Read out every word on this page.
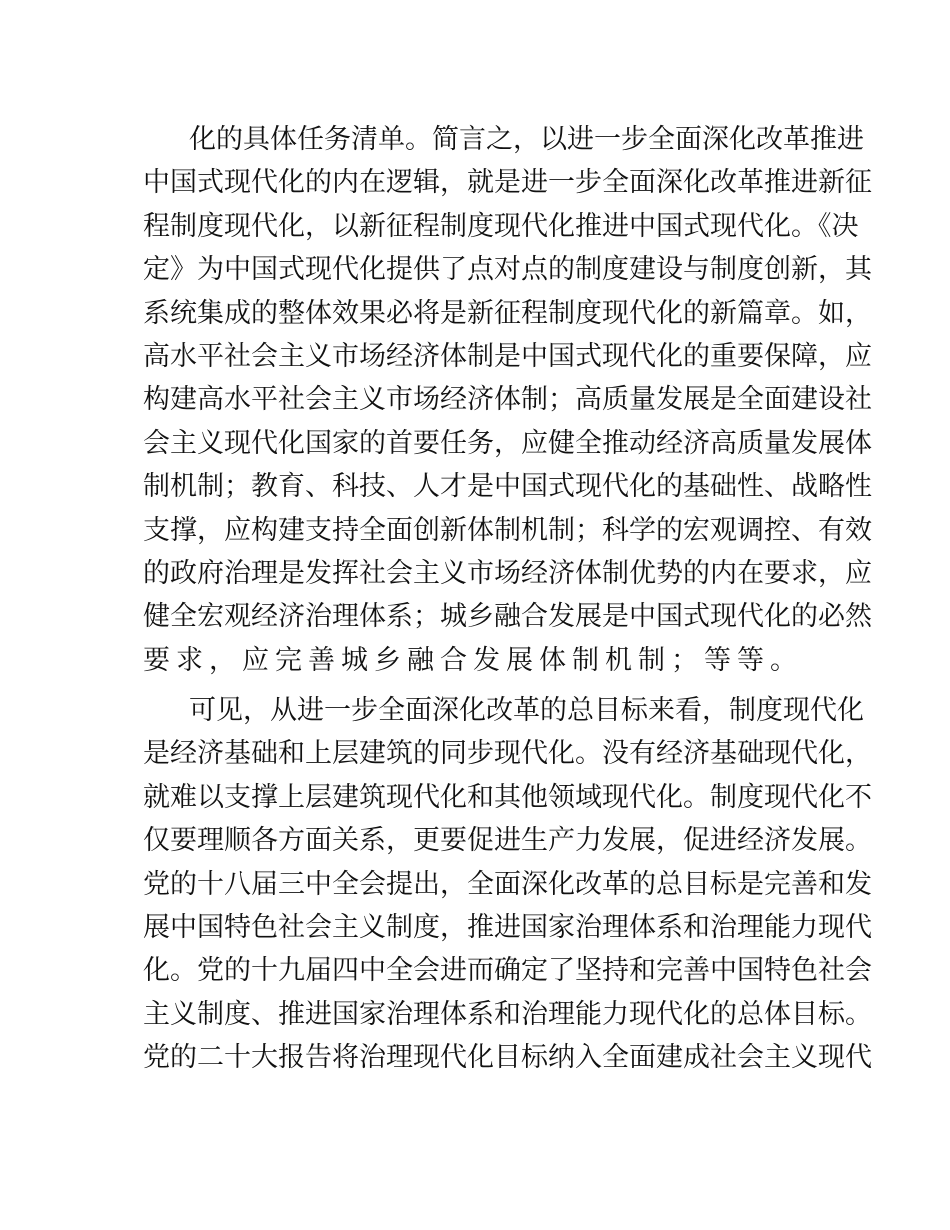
化的具体任务清单。简言之，以进一步全面深化改革推进
中国式现代化的内在逻辑，就是进一步全面深化改革推进新征
程制度现代化，以新征程制度现代化推进中国式现代化。《决
定》为中国式现代化提供了点对点的制度建设与制度创新，其
系统集成的整体效果必将是新征程制度现代化的新篇章。如，
高水平社会主义市场经济体制是中国式现代化的重要保障，应
构建高水平社会主义市场经济体制；高质量发展是全面建设社
会主义现代化国家的首要任务，应健全推动经济高质量发展体
制机制；教育、科技、人才是中国式现代化的基础性、战略性
支撑，应构建支持全面创新体制机制；科学的宏观调控、有效
的政府治理是发挥社会主义市场经济体制优势的内在要求，应
健全宏观经济治理体系；城乡融合发展是中国式现代化的必然
要求，应完善城乡融合发展体制机制；等等。
可见，从进一步全面深化改革的总目标来看，制度现代化
是经济基础和上层建筑的同步现代化。没有经济基础现代化，
就难以支撑上层建筑现代化和其他领域现代化。制度现代化不
仅要理顺各方面关系，更要促进生产力发展，促进经济发展。
党的十八届三中全会提出，全面深化改革的总目标是完善和发
展中国特色社会主义制度，推进国家治理体系和治理能力现代
化。党的十九届四中全会进而确定了坚持和完善中国特色社会
主义制度、推进国家治理体系和治理能力现代化的总体目标。
党的二十大报告将治理现代化目标纳入全面建成社会主义现代
